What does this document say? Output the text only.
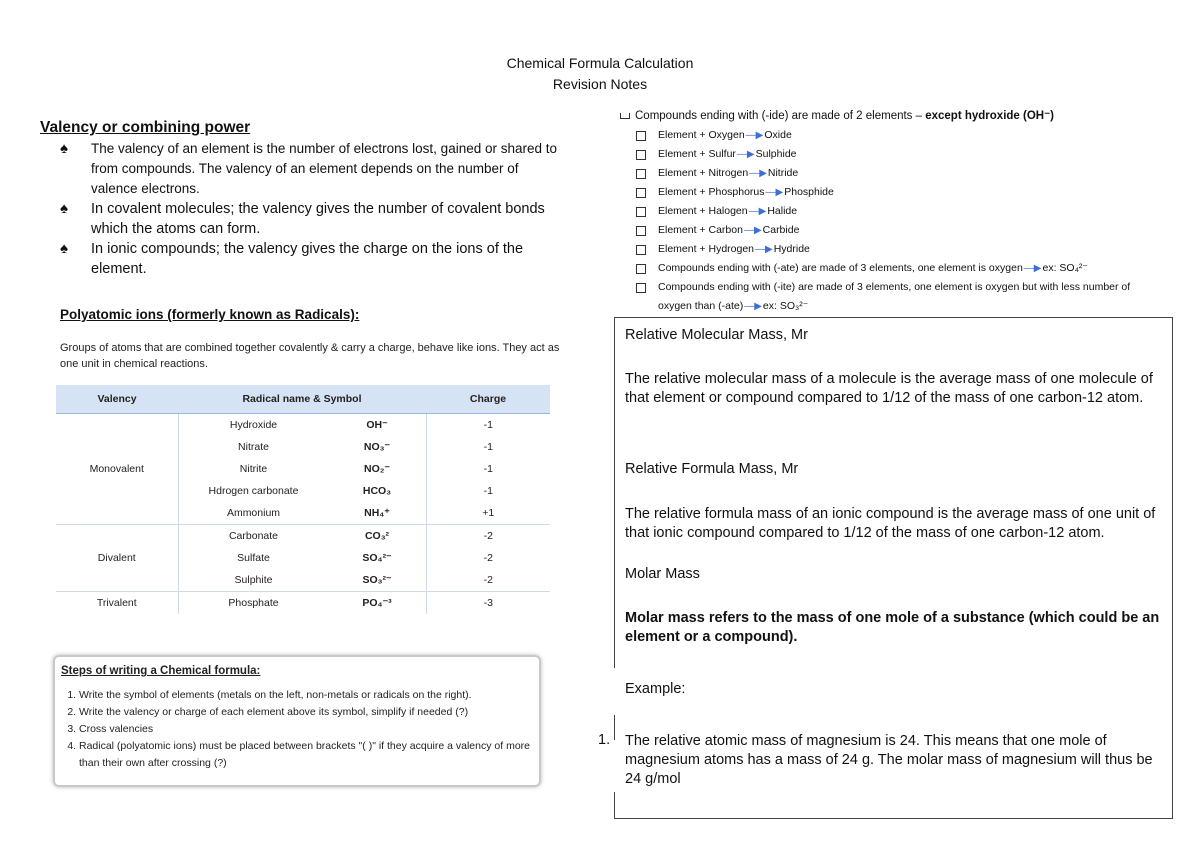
Chemical Formula Calculation
Revision Notes
Valency or combining power
♠ The valency of an element is the number of electrons lost, gained or shared to from compounds. The valency of an element depends on the number of valence electrons.
♠ In covalent molecules; the valency gives the number of covalent bonds which the atoms can form.
♠ In ionic compounds; the valency gives the charge on the ions of the element.
Polyatomic ions (formerly known as Radicals):
Groups of atoms that are combined together covalently & carry a charge, behave like ions. They act as one unit in chemical reactions.
Valency	Radical name & Symbol		Charge
Monovalent	Hydroxide	OH⁻	-1
	Nitrate	NO₃⁻	-1
	Nitrite	NO₂⁻	-1
	Hdrogen carbonate	HCO₃	-1
	Ammonium	NH₄⁺	+1
Divalent	Carbonate	CO₃²	-2
	Sulfate	SO₄²⁻	-2
	Sulphite	SO₃²⁻	-2
Trivalent	Phosphate	PO₄⁻³	-3
Steps of writing a Chemical formula:
1. Write the symbol of elements (metals on the left, non-metals or radicals on the right).
2. Write the valency or charge of each element above its symbol, simplify if needed (?)
3. Cross valencies
4. Radical (polyatomic ions) must be placed between brackets "( )" if they acquire a valency of more than their own after crossing (?)
Compounds ending with (-ide) are made of 2 elements – except hydroxide (OH⁻)
Element + Oxygen —▶ Oxide
Element + Sulfur —▶ Sulphide
Element + Nitrogen —▶ Nitride
Element + Phosphorus —▶ Phosphide
Element + Halogen —▶ Halide
Element + Carbon —▶ Carbide
Element + Hydrogen —▶ Hydride
Compounds ending with (-ate) are made of 3 elements, one element is oxygen —▶ ex: SO₄²⁻
Compounds ending with (-ite) are made of 3 elements, one element is oxygen but with less number of oxygen than (-ate)—▶ex: SO₃²⁻
Relative Molecular Mass, Mr
The relative molecular mass of a molecule is the average mass of one molecule of that element or compound compared to 1/12 of the mass of one carbon-12 atom.
Relative Formula Mass, Mr
The relative formula mass of an ionic compound is the average mass of one unit of that ionic compound compared to 1/12 of the mass of one carbon-12 atom.
Molar Mass
Molar mass refers to the mass of one mole of a substance (which could be an element or a compound).
Example:
1. The relative atomic mass of magnesium is 24. This means that one mole of magnesium atoms has a mass of 24 g. The molar mass of magnesium will thus be 24 g/mol
